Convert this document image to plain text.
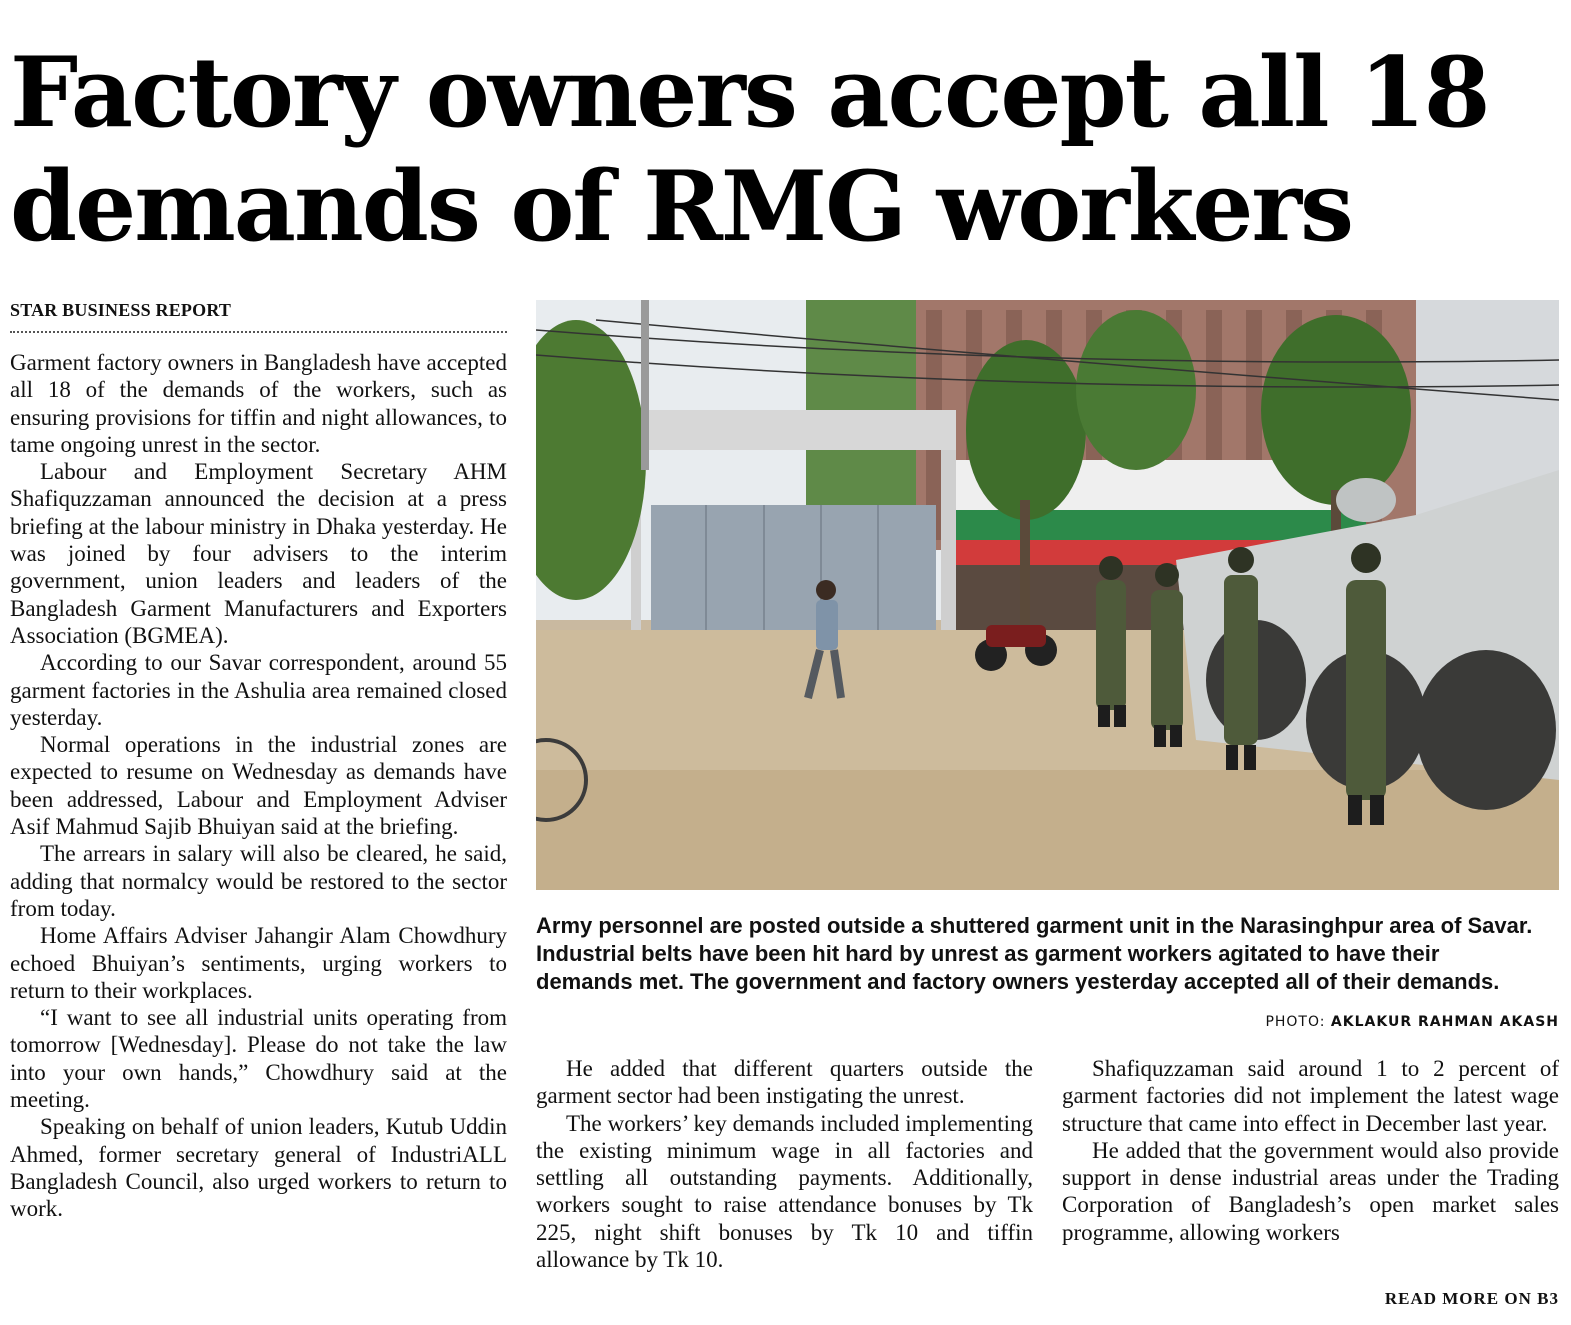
Factory owners accept all 18 demands of RMG workers
STAR BUSINESS REPORT

Garment factory owners in Bangladesh have accepted all 18 of the demands of the workers, such as ensuring provisions for tiffin and night allowances, to tame ongoing unrest in the sector.

Labour and Employment Secretary AHM Shafiquzzaman announced the decision at a press briefing at the labour ministry in Dhaka yesterday. He was joined by four advisers to the interim government, union leaders and leaders of the Bangladesh Garment Manufacturers and Exporters Association (BGMEA).

According to our Savar correspondent, around 55 garment factories in the Ashulia area remained closed yesterday.

Normal operations in the industrial zones are expected to resume on Wednesday as demands have been addressed, Labour and Employment Adviser Asif Mahmud Sajib Bhuiyan said at the briefing.

The arrears in salary will also be cleared, he said, adding that normalcy would be restored to the sector from today.

Home Affairs Adviser Jahangir Alam Chowdhury echoed Bhuiyan’s sentiments, urging workers to return to their workplaces.

“I want to see all industrial units operating from tomorrow [Wednesday]. Please do not take the law into your own hands,” Chowdhury said at the meeting.

Speaking on behalf of union leaders, Kutub Uddin Ahmed, former secretary general of IndustriALL Bangladesh Council, also urged workers to return to work.

Army personnel are posted outside a shuttered garment unit in the Narasinghpur area of Savar. Industrial belts have been hit hard by unrest as garment workers agitated to have their demands met. The government and factory owners yesterday accepted all of their demands.

PHOTO: AKLAKUR RAHMAN AKASH

He added that different quarters outside the garment sector had been instigating the unrest.

The workers’ key demands included implementing the existing minimum wage in all factories and settling all outstanding payments. Additionally, workers sought to raise attendance bonuses by Tk 225, night shift bonuses by Tk 10 and tiffin allowance by Tk 10.

Shafiquzzaman said around 1 to 2 percent of garment factories did not implement the latest wage structure that came into effect in December last year.

He added that the government would also provide support in dense industrial areas under the Trading Corporation of Bangladesh’s open market sales programme, allowing workers

READ MORE ON B3
